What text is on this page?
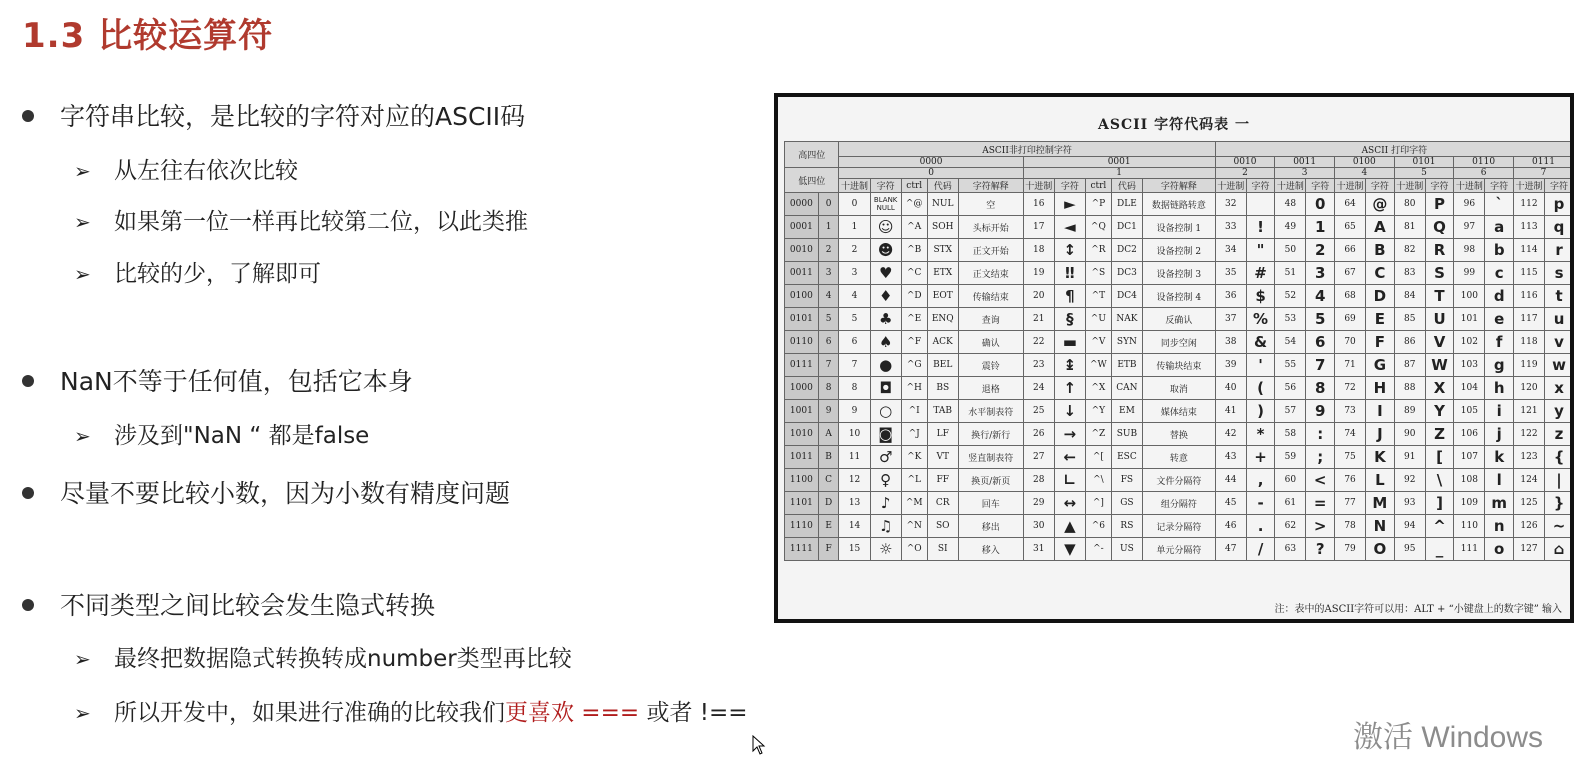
1.3 比较运算符
字符串比较，是比较的字符对应的ASCII码
➢ 从左往右依次比较
➢ 如果第一位一样再比较第二位，以此类推
➢ 比较的少，了解即可
NaN不等于任何值，包括它本身
➢ 涉及到"NaN “ 都是false
尽量不要比较小数，因为小数有精度问题
不同类型之间比较会发生隐式转换
➢ 最终把数据隐式转换转成number类型再比较
➢ 所以开发中，如果进行准确的比较我们更喜欢 === 或者 !==
ASCII 字符代码表 一
高四位		ASCII非打印控制字符										ASCII 打印字符											
		0000					0001					0010		0011		0100		0101		0110		0111	
低四位		0					1					2		3		4		5		6		7	
		十进制	字符	ctrl	代码	字符解释	十进制	字符	ctrl	代码	字符解释	十进制	字符	十进制	字符	十进制	字符	十进制	字符	十进制	字符	十进制	字符
0000	0	0	BLANK NULL	^@	NUL	空	16	►	^P	DLE	数据链路转意	32		48	0	64	@	80	P	96	`	112	p
0001	1	1	☺	^A	SOH	头标开始	17	◄	^Q	DC1	设备控制 1	33	!	49	1	65	A	81	Q	97	a	113	q
0010	2	2	☻	^B	STX	正文开始	18	↕	^R	DC2	设备控制 2	34	"	50	2	66	B	82	R	98	b	114	r
0011	3	3	♥	^C	ETX	正文结束	19	‼	^S	DC3	设备控制 3	35	#	51	3	67	C	83	S	99	c	115	s
0100	4	4	♦	^D	EOT	传输结束	20	¶	^T	DC4	设备控制 4	36	$	52	4	68	D	84	T	100	d	116	t
0101	5	5	♣	^E	ENQ	查询	21	§	^U	NAK	反确认	37	%	53	5	69	E	85	U	101	e	117	u
0110	6	6	♠	^F	ACK	确认	22	▬	^V	SYN	同步空闲	38	&	54	6	70	F	86	V	102	f	118	v
0111	7	7	●	^G	BEL	震铃	23	↨	^W	ETB	传输块结束	39	'	55	7	71	G	87	W	103	g	119	w
1000	8	8	◘	^H	BS	退格	24	↑	^X	CAN	取消	40	(	56	8	72	H	88	X	104	h	120	x
1001	9	9	○	^I	TAB	水平制表符	25	↓	^Y	EM	媒体结束	41	)	57	9	73	I	89	Y	105	i	121	y
1010	A	10	◙	^J	LF	换行/新行	26	→	^Z	SUB	替换	42	*	58	:	74	J	90	Z	106	j	122	z
1011	B	11	♂	^K	VT	竖直制表符	27	←	^[	ESC	转意	43	+	59	;	75	K	91	[	107	k	123	{
1100	C	12	♀	^L	FF	换页/新页	28	∟	^\	FS	文件分隔符	44	,	60	<	76	L	92	\	108	l	124	|
1101	D	13	♪	^M	CR	回车	29	↔	^]	GS	组分隔符	45	-	61	=	77	M	93	]	109	m	125	}
1110	E	14	♫	^N	SO	移出	30	▲	^6	RS	记录分隔符	46	.	62	>	78	N	94	^	110	n	126	~
1111	F	15	☼	^O	SI	移入	31	▼	^-	US	单元分隔符	47	/	63	?	79	O	95	_	111	o	127	⌂
注：表中的ASCII字符可以用：ALT + “小键盘上的数字键” 输入
激活 Windows
